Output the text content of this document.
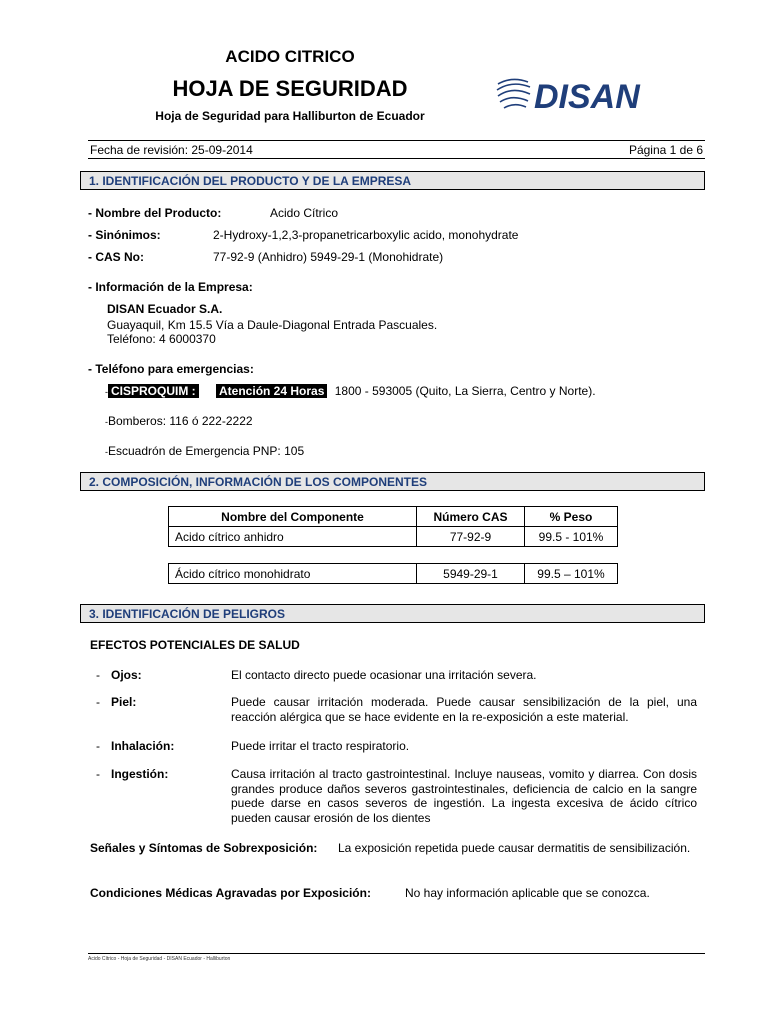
ACIDO CITRICO
HOJA DE SEGURIDAD
Hoja de Seguridad para Halliburton de Ecuador	DISAN
Fecha de revisión: 25-09-2014	Página 1 de 6
1. IDENTIFICACIÓN DEL PRODUCTO Y DE LA EMPRESA
- Nombre del Producto:	Acido Cítrico
- Sinónimos:	2-Hydroxy-1,2,3-propanetricarboxylic acido, monohydrate
- CAS No:	77-92-9 (Anhidro) 5949-29-1 (Monohidrate)
- Información de la Empresa:
DISAN Ecuador S.A.
Guayaquil, Km 15.5 Vía a Daule-Diagonal Entrada Pascuales.
Teléfono: 4 6000370
- Teléfono para emergencias:
- CISPROQUIM : Atención 24 Horas 1800 - 593005 (Quito, La Sierra, Centro y Norte).
-Bomberos: 116 ó 222-2222
-Escuadrón de Emergencia PNP: 105
2. COMPOSICIÓN, INFORMACIÓN DE LOS COMPONENTES
Nombre del Componente	Número CAS	% Peso
Acido cítrico anhidro	77-92-9	99.5 - 101%
Ácido cítrico monohidrato	5949-29-1	99.5 – 101%
3. IDENTIFICACIÓN DE PELIGROS
EFECTOS POTENCIALES DE SALUD
- Ojos:	El contacto directo puede ocasionar una irritación severa.
- Piel:	Puede causar irritación moderada. Puede causar sensibilización de la piel, una reacción alérgica que se hace evidente en la re-exposición a este material.
- Inhalación:	Puede irritar el tracto respiratorio.
- Ingestión:	Causa irritación al tracto gastrointestinal. Incluye nauseas, vomito y diarrea. Con dosis grandes produce daños severos gastrointestinales, deficiencia de calcio en la sangre puede darse en casos severos de ingestión. La ingesta excesiva de ácido cítrico pueden causar erosión de los dientes
Señales y Síntomas de Sobrexposición: La exposición repetida puede causar dermatitis de sensibilización.
Condiciones Médicas Agravadas por Exposición:	No hay información aplicable que se conozca.
Acido Cítrico - Hoja de Seguridad - DISAN Ecuador - Halliburton
